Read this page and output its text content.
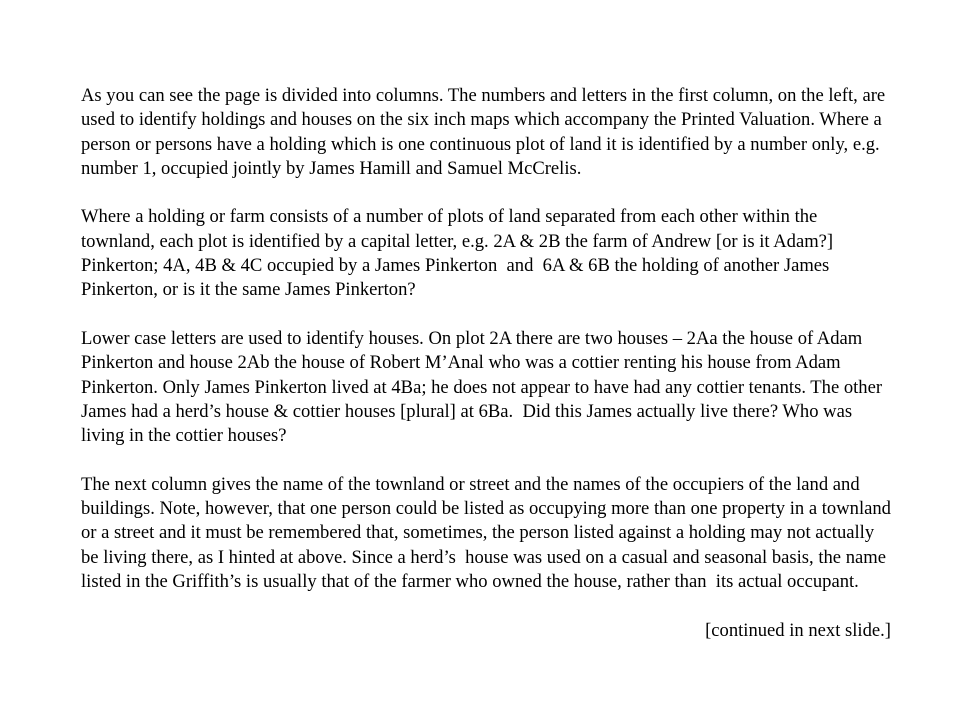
As you can see the page is divided into columns. The numbers and letters in the first column, on the left, are used to identify holdings and houses on the six inch maps which accompany the Printed Valuation. Where a person or persons have a holding which is one continuous plot of land it is identified by a number only, e.g. number 1, occupied jointly by James Hamill and Samuel McCrelis.

Where a holding or farm consists of a number of plots of land separated from each other within the townland, each plot is identified by a capital letter, e.g. 2A & 2B the farm of Andrew [or is it Adam?] Pinkerton; 4A, 4B & 4C occupied by a James Pinkerton  and  6A & 6B the holding of another James Pinkerton, or is it the same James Pinkerton?

Lower case letters are used to identify houses. On plot 2A there are two houses – 2Aa the house of Adam Pinkerton and house 2Ab the house of Robert M’Anal who was a cottier renting his house from Adam Pinkerton. Only James Pinkerton lived at 4Ba; he does not appear to have had any cottier tenants. The other James had a herd’s house & cottier houses [plural] at 6Ba.  Did this James actually live there? Who was living in the cottier houses?

The next column gives the name of the townland or street and the names of the occupiers of the land and buildings. Note, however, that one person could be listed as occupying more than one property in a townland or a street and it must be remembered that, sometimes, the person listed against a holding may not actually be living there, as I hinted at above. Since a herd’s  house was used on a casual and seasonal basis, the name listed in the Griffith’s is usually that of the farmer who owned the house, rather than  its actual occupant.

[continued in next slide.]
